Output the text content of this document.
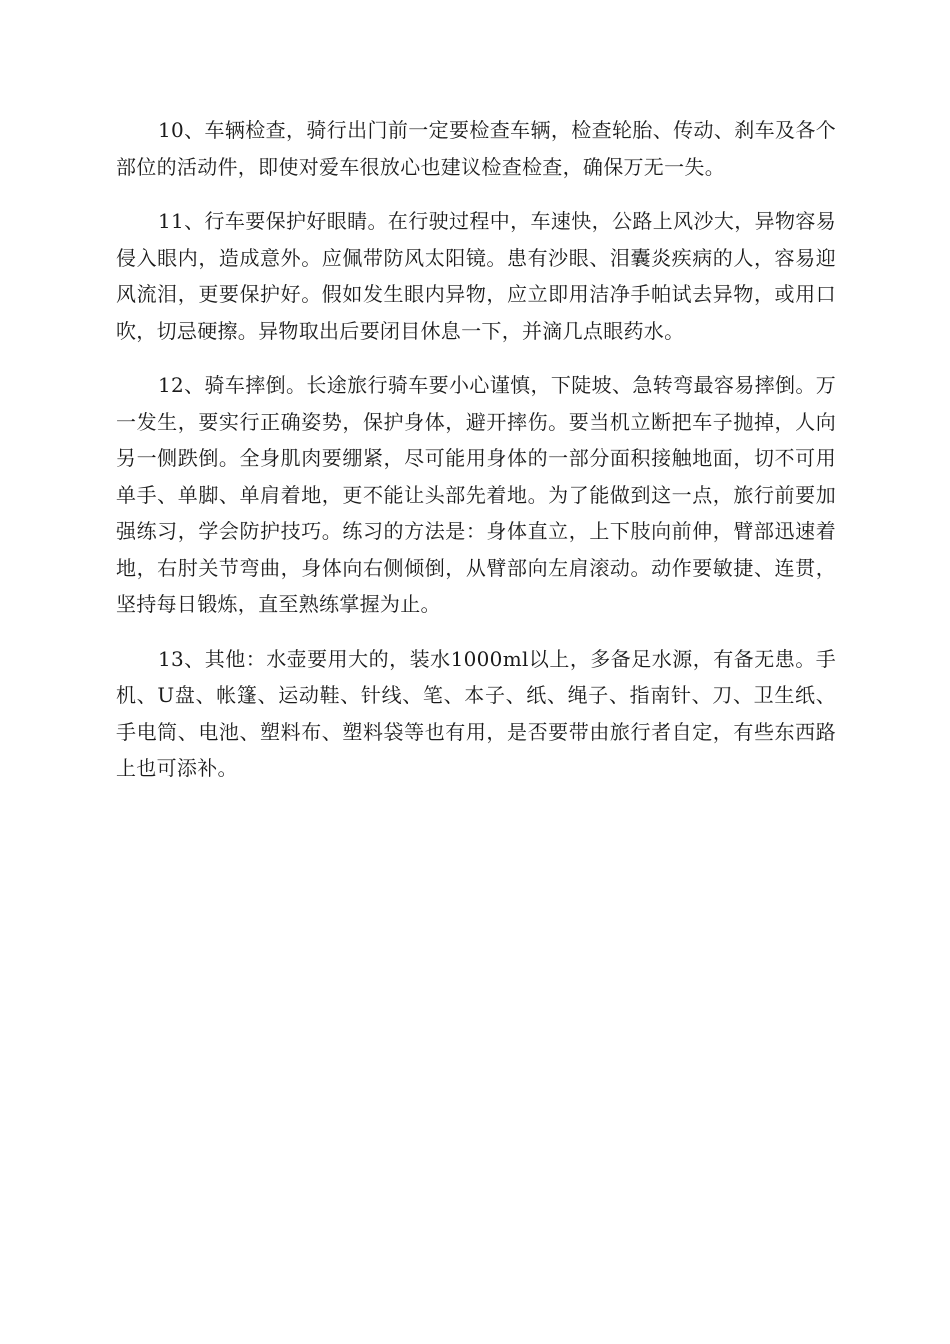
10、车辆检查，骑行出门前一定要检查车辆，检查轮胎、传动、刹车及各个部位的活动件，即使对爱车很放心也建议检查检查，确保万无一失。

11、行车要保护好眼睛。在行驶过程中，车速快，公路上风沙大，异物容易侵入眼内，造成意外。应佩带防风太阳镜。患有沙眼、泪囊炎疾病的人，容易迎风流泪，更要保护好。假如发生眼内异物，应立即用洁净手帕试去异物，或用口吹，切忌硬擦。异物取出后要闭目休息一下，并滴几点眼药水。

12、骑车摔倒。长途旅行骑车要小心谨慎，下陡坡、急转弯最容易摔倒。万一发生，要实行正确姿势，保护身体，避开摔伤。要当机立断把车子抛掉，人向另一侧跌倒。全身肌肉要绷紧，尽可能用身体的一部分面积接触地面，切不可用单手、单脚、单肩着地，更不能让头部先着地。为了能做到这一点，旅行前要加强练习，学会防护技巧。练习的方法是：身体直立，上下肢向前伸，臂部迅速着地，右肘关节弯曲，身体向右侧倾倒，从臂部向左肩滚动。动作要敏捷、连贯，坚持每日锻炼，直至熟练掌握为止。

13、其他：水壶要用大的，装水1000ml以上，多备足水源，有备无患。手机、U盘、帐篷、运动鞋、针线、笔、本子、纸、绳子、指南针、刀、卫生纸、手电筒、电池、塑料布、塑料袋等也有用，是否要带由旅行者自定，有些东西路上也可添补。
